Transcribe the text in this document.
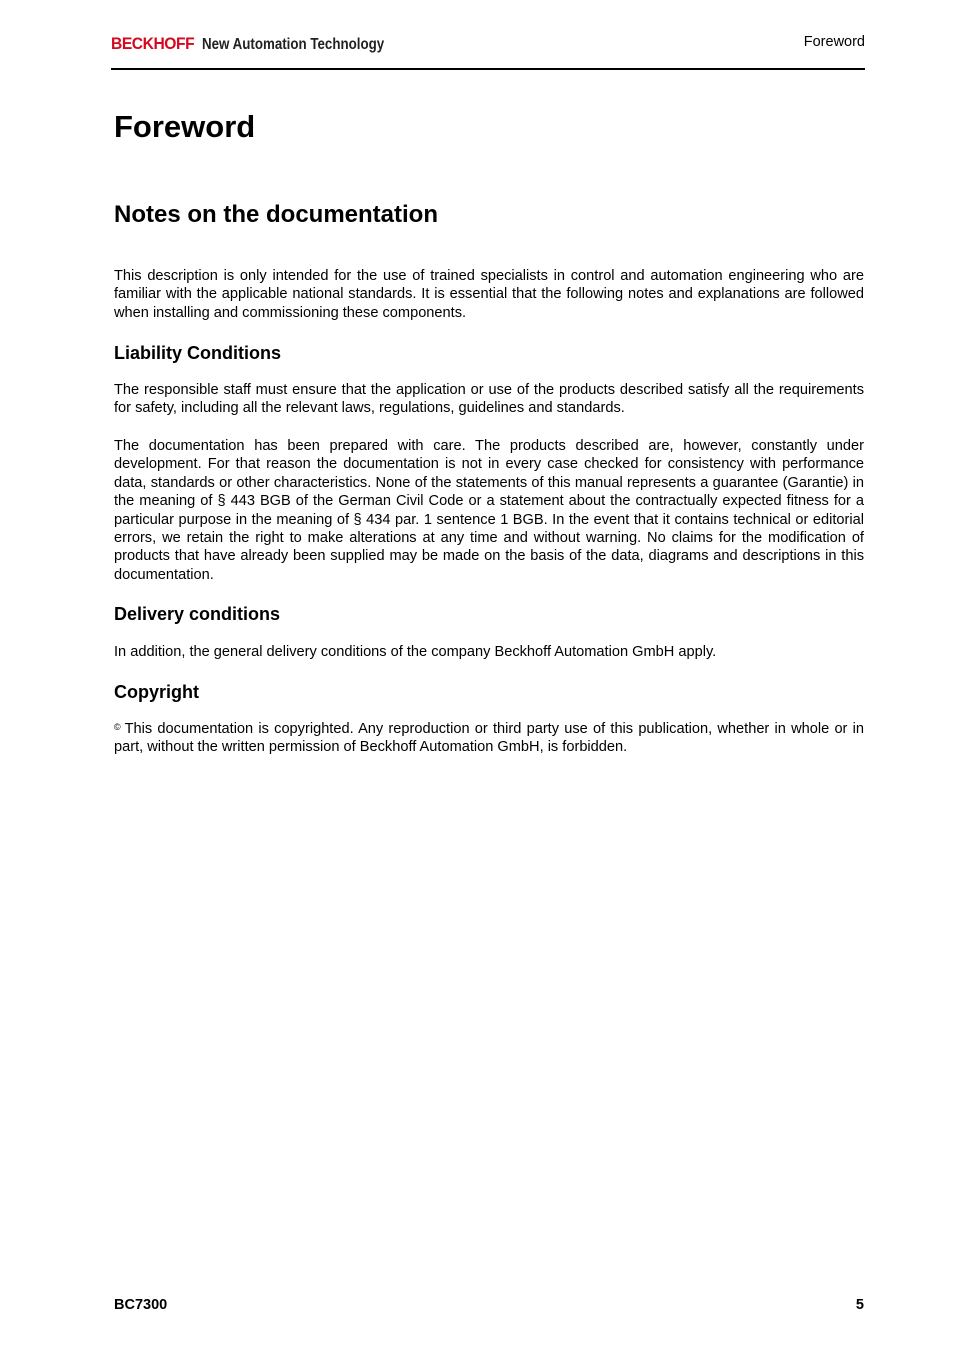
BECKHOFF New Automation Technology	Foreword
Foreword
Notes on the documentation

This description is only intended for the use of trained specialists in control and automation engineering who are familiar with the applicable national standards. It is essential that the following notes and explanations are followed when installing and commissioning these components.

Liability Conditions

The responsible staff must ensure that the application or use of the products described satisfy all the requirements for safety, including all the relevant laws, regulations, guidelines and standards.

The documentation has been prepared with care. The products described are, however, constantly under development. For that reason the documentation is not in every case checked for consistency with performance data, standards or other characteristics. None of the statements of this manual represents a guarantee (Garantie) in the meaning of § 443 BGB of the German Civil Code or a statement about the contractually expected fitness for a particular purpose in the meaning of § 434 par. 1 sentence 1 BGB. In the event that it contains technical or editorial errors, we retain the right to make alterations at any time and without warning. No claims for the modification of products that have already been supplied may be made on the basis of the data, diagrams and descriptions in this documentation.

Delivery conditions

In addition, the general delivery conditions of the company Beckhoff Automation GmbH apply.

Copyright

© This documentation is copyrighted. Any reproduction or third party use of this publication, whether in whole or in part, without the written permission of Beckhoff Automation GmbH, is forbidden.

BC7300	5
